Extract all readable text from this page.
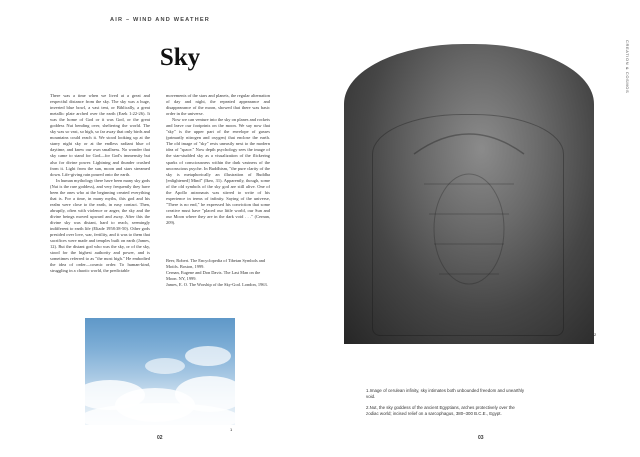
AIR – WIND AND WEATHER
Sky

There was a time when we lived at a great and respectful distance from the sky. The sky was a huge, inverted blue bowl, a vast tent, or Biblically, a great metallic plate arched over the earth (Ezek 1:22-26). It was the home of God or it was God, or the great goddess Nut bending over, sheltering the world. The sky was so vast, so high, so far away that only birds and mountains could reach it. We stood looking up at the starry night sky or at the endless radiant blue of daytime, and knew our own smallness. No wonder that sky came to stand for God—for God's immensity but also for divine power. Lightning and thunder crashed from it. Light from the sun, moon and stars streamed down. Life-giving rain poured onto the earth.

In human mythology there have been many sky gods (Nut is the rare goddess), and very frequently they have been the ones who at the beginning created everything that is. For a time, in many myths, this god and his realm were close to the earth, in easy contact. Then, abruptly, often with violence or anger, the sky and the divine beings moved upward and away. After this the divine sky was distant, hard to reach, seemingly indifferent to earth life (Eliade 1958:38-50). Other gods presided over love, war, fertility, and it was to them that sacrifices were made and temples built on earth (James, 12). But the distant god who was the sky, or of the sky, stood for the highest authority and power, and is sometimes referred to as "the most high." He embodied the idea of order—cosmic order. To human-kind, struggling in a chaotic world, the predictable

movements of the stars and planets, the regular alternation of day and night, the repeated appearance and disappearance of the moon, showed that there was basic order in the universe.

Now we can venture into the sky on planes and rockets and leave our footprints on the moon. We say now that "sky" is the upper part of the envelope of gasses (primarily nitrogen and oxygen) that enclose the earth. The old image of "sky" rests uneasily next to the modern idea of "space." Now depth psychology sees the image of the star-studded sky as a visualization of the flickering sparks of consciousness within the dark vastness of the unconscious psyche. In Buddhism, "the pure clarity of the sky is metaphorically an illustration of Buddha [enlightened] Mind" (Ikeo, 31). Apparently, though, some of the old symbols of the sky god are still alive. One of the Apollo astronauts was stirred to write of his experience in terms of infinity. Saying of the universe, "There is no end," he expressed his conviction that some creative must have "placed our little world, our Sun and our Moon where they are in the dark void . . ." (Cernan, 209).

Beer, Robert. The Encyclopedia of Tibetan Symbols and Motifs. Boston, 1999.
Cernan, Eugene and Don Davis. The Last Man on the Moon. NY, 1999.
James, E. O. The Worship of the Sky-God. London, 1963.
1
2
CREATION & COSMOS
1.Image of cerulean infinity, sky intimates both unbounded freedom and unearthly void.
2.Nut, the sky goddess of the ancient Egyptians, arches protectively over the zodiac world; incised relief on a sarcophagus, 380–300 B.C.E., Egypt.
02	03
